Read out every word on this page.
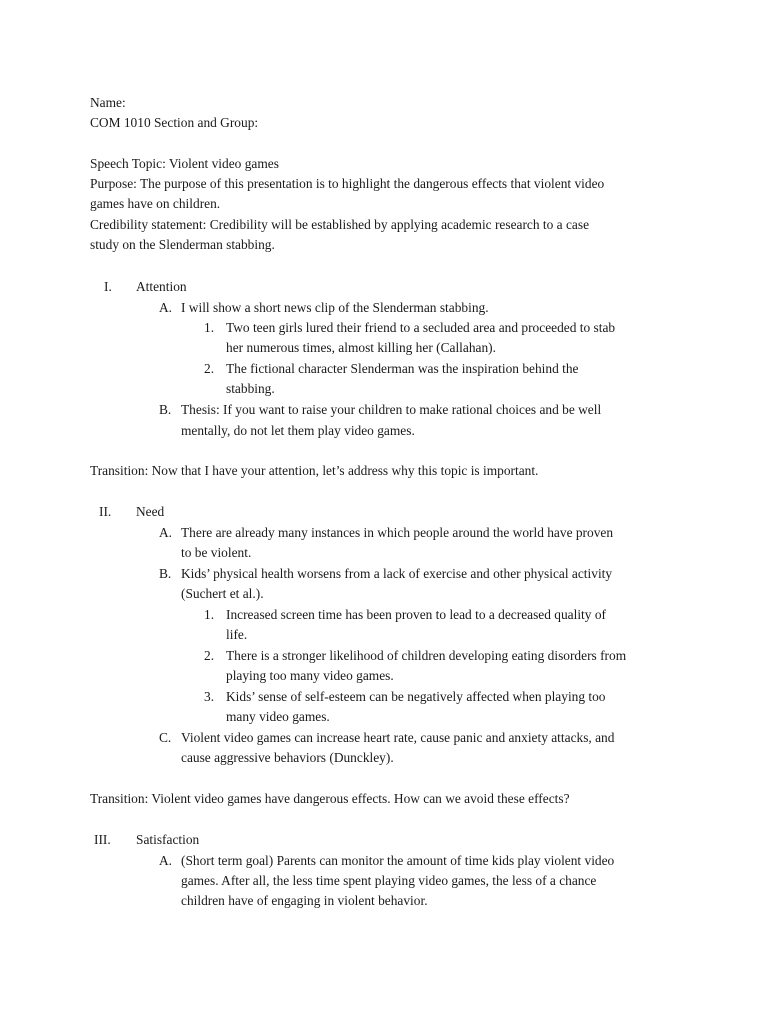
Name:
COM 1010 Section and Group:
Speech Topic: Violent video games
Purpose: The purpose of this presentation is to highlight the dangerous effects that violent video
games have on children.
Credibility statement: Credibility will be established by applying academic research to a case
study on the Slenderman stabbing.
I. Attention
A. I will show a short news clip of the Slenderman stabbing.
1. Two teen girls lured their friend to a secluded area and proceeded to stab
her numerous times, almost killing her (Callahan).
2. The fictional character Slenderman was the inspiration behind the
stabbing.
B. Thesis: If you want to raise your children to make rational choices and be well
mentally, do not let them play video games.
Transition: Now that I have your attention, let’s address why this topic is important.
II. Need
A. There are already many instances in which people around the world have proven
to be violent.
B. Kids’ physical health worsens from a lack of exercise and other physical activity
(Suchert et al.).
1. Increased screen time has been proven to lead to a decreased quality of
life.
2. There is a stronger likelihood of children developing eating disorders from
playing too many video games.
3. Kids’ sense of self-esteem can be negatively affected when playing too
many video games.
C. Violent video games can increase heart rate, cause panic and anxiety attacks, and
cause aggressive behaviors (Dunckley).
Transition: Violent video games have dangerous effects. How can we avoid these effects?
III. Satisfaction
A. (Short term goal) Parents can monitor the amount of time kids play violent video
games. After all, the less time spent playing video games, the less of a chance
children have of engaging in violent behavior.
